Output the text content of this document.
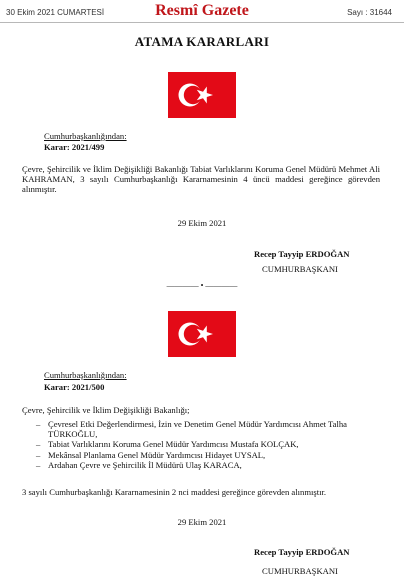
30 Ekim 2021 CUMARTESİ	Resmî Gazete	Sayı : 31644
ATAMA KARARLARI
Cumhurbaşkanlığından:
Karar: 2021/499

Çevre, Şehircilik ve İklim Değişikliği Bakanlığı Tabiat Varlıklarını Koruma Genel Müdürü Mehmet Ali KAHRAMAN, 3 sayılı Cumhurbaşkanlığı Kararnamesinin 4 üncü maddesi gereğince görevden alınmıştır.

29 Ekim 2021
Recep Tayyip ERDOĞAN
CUMHURBAŞKANI
———— • ————
Cumhurbaşkanlığından:
Karar: 2021/500
Çevre, Şehircilik ve İklim Değişikliği Bakanlığı;
– Çevresel Etki Değerlendirmesi, İzin ve Denetim Genel Müdür Yardımcısı Ahmet Talha TÜRKOĞLU,
– Tabiat Varlıklarını Koruma Genel Müdür Yardımcısı Mustafa KOLÇAK,
– Mekânsal Planlama Genel Müdür Yardımcısı Hidayet UYSAL,
– Ardahan Çevre ve Şehircilik İl Müdürü Ulaş KARACA,
3 sayılı Cumhurbaşkanlığı Kararnamesinin 2 nci maddesi gereğince görevden alınmıştır.
29 Ekim 2021
Recep Tayyip ERDOĞAN
CUMHURBAŞKANI
